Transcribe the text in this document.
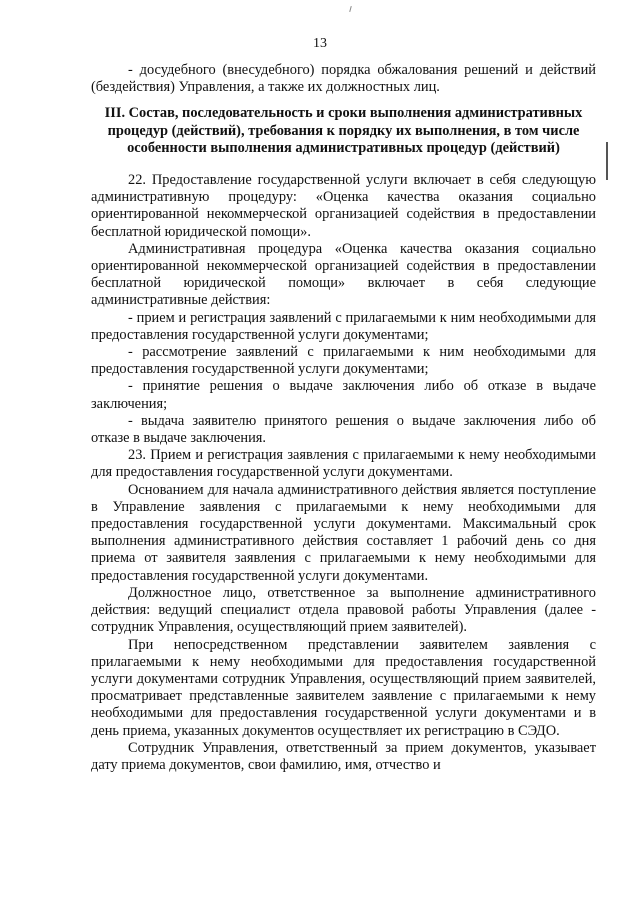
13

- досудебного (внесудебного) порядка обжалования решений и действий (бездействия) Управления, а также их должностных лиц.

III. Состав, последовательность и сроки выполнения административных процедур (действий), требования к порядку их выполнения, в том числе особенности выполнения административных процедур (действий)

22. Предоставление государственной услуги включает в себя следующую административную процедуру: «Оценка качества оказания социально ориентированной некоммерческой организацией содействия в предоставлении бесплатной юридической помощи».

Административная процедура «Оценка качества оказания социально ориентированной некоммерческой организацией содействия в предоставлении бесплатной юридической помощи» включает в себя следующие административные действия:

- прием и регистрация заявлений с прилагаемыми к ним необходимыми для предоставления государственной услуги документами;

- рассмотрение заявлений с прилагаемыми к ним необходимыми для предоставления государственной услуги документами;

- принятие решения о выдаче заключения либо об отказе в выдаче заключения;

- выдача заявителю принятого решения о выдаче заключения либо об отказе в выдаче заключения.

23. Прием и регистрация заявления с прилагаемыми к нему необходимыми для предоставления государственной услуги документами.

Основанием для начала административного действия является поступление в Управление заявления с прилагаемыми к нему необходимыми для предоставления государственной услуги документами. Максимальный срок выполнения административного действия составляет 1 рабочий день со дня приема от заявителя заявления с прилагаемыми к нему необходимыми для предоставления государственной услуги документами.

Должностное лицо, ответственное за выполнение административного действия: ведущий специалист отдела правовой работы Управления (далее - сотрудник Управления, осуществляющий прием заявителей).

При непосредственном представлении заявителем заявления с прилагаемыми к нему необходимыми для предоставления государственной услуги документами сотрудник Управления, осуществляющий прием заявителей, просматривает представленные заявителем заявление с прилагаемыми к нему необходимыми для предоставления государственной услуги документами и в день приема, указанных документов осуществляет их регистрацию в СЭДО.

Сотрудник Управления, ответственный за прием документов, указывает дату приема документов, свои фамилию, имя, отчество и
